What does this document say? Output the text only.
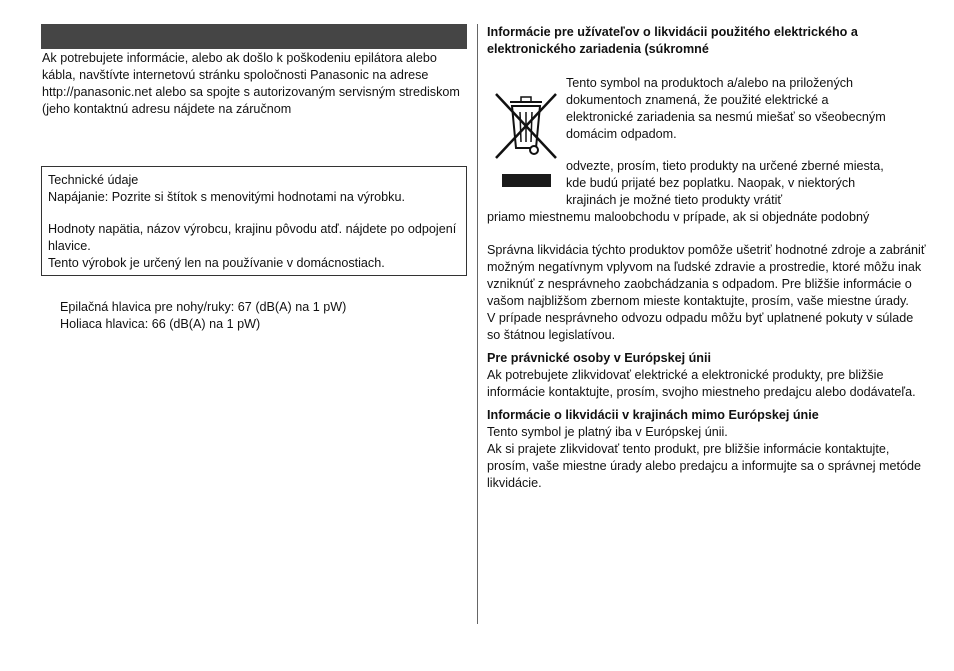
Ak potrebujete informácie, alebo ak došlo k poškodeniu epilátora alebo kábla, navštívte internetovú stránku spoločnosti Panasonic na adrese http://panasonic.net alebo sa spojte s autorizovaným servisným strediskom (jeho kontaktnú adresu nájdete na záručnom

Technické údaje

Napájanie: Pozrite si štítok s menovitými hodnotami na výrobku.

Hodnoty napätia, názov výrobcu, krajinu pôvodu atď. nájdete po odpojení hlavice.

Tento výrobok je určený len na používanie v domácnostiach.

Epilačná hlavica pre nohy/ruky: 67 (dB(A) na 1 pW)

Holiaca hlavica: 66 (dB(A) na 1 pW)

Informácie pre užívateľov o likvidácii použitého elektrického a elektronického zariadenia (súkromné

Tento symbol na produktoch a/alebo na priložených dokumentoch znamená, že použité elektrické a elektronické zariadenia sa nesmú miešať so všeobecným domácim odpadom.

odvezte, prosím, tieto produkty na určené zberné miesta, kde budú prijaté bez poplatku. Naopak, v niektorých krajinách je možné tieto produkty vrátiť

priamo miestnemu maloobchodu v prípade, ak si objednáte podobný

Správna likvidácia týchto produktov pomôže ušetriť hodnotné zdroje a zabrániť možným negatívnym vplyvom na ľudské zdravie a prostredie, ktoré môžu inak vzniknúť z nesprávneho zaobchádzania s odpadom. Pre bližšie informácie o vašom najbližšom zbernom mieste kontaktujte, prosím, vaše miestne úrady.

V prípade nesprávneho odvozu odpadu môžu byť uplatnené pokuty v súlade so štátnou legislatívou.

Pre právnické osoby v Európskej únii

Ak potrebujete zlikvidovať elektrické a elektronické produkty, pre bližšie informácie kontaktujte, prosím, svojho miestneho predajcu alebo dodávateľa.

Informácie o likvidácii v krajinách mimo Európskej únie

Tento symbol je platný iba v Európskej únii.

Ak si prajete zlikvidovať tento produkt, pre bližšie informácie kontaktujte, prosím, vaše miestne úrady alebo predajcu a informujte sa o správnej metóde likvidácie.
